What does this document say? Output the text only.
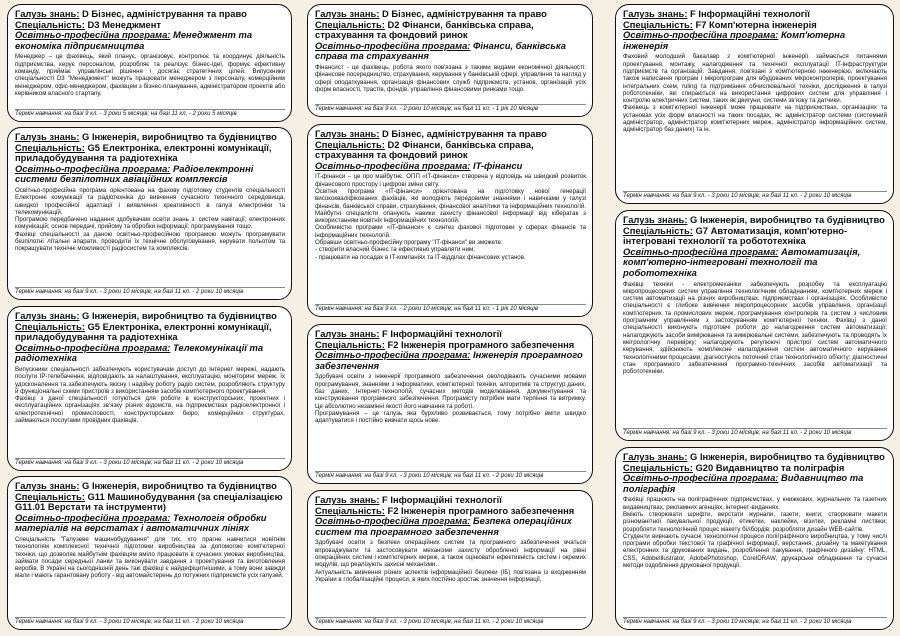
Галузь знань: D Бізнес, адміністрування та право
Спеціальність: D3 Менеджмент
Освітньо-професійна програма: Менеджмент та економіка підприємництва

Менеджер – це фахівець, який планує, організовує, контролює та координує діяльність підприємства, керує персоналом, розробляє та реалізує бізнес-ідеї, формує ефективну команду, приймає управлінські рішення і досягає стратегічних цілей. Випускники спеціальності D3 "Менеджмент" можуть працювати менеджером з персоналу, комерційним менеджером, офіс-менеджером, фахівцем з бізнес-планування, адміністратором проектів або керівником власного стартапу.

Термін навчання: на базі 9 кл. - 3 роки 5 місяців; на базі 11 кл. - 2 роки 5 місяців
Галузь знань: G Інженерія, виробництво та будівництво
Спеціальність: G5 Електроніка, електронні комунікації, приладобудування та радіотехніка
Освітньо-професійна програма: Радіоелектронні системи безпілотних авіаційних комплексів

Освітньо-професійна програма орієнтована на фахову підготовку студентів спеціальності Електронні комунікації та радіотехніка до вивчення сучасного технічного середовища, швидкої професійної адаптації і виявлення креативності в галузі електроніки та телекомунікацій.

Програмою передбачено надання здобувачам освіти знань з: систем навігації; електронних комунікацій; основ передачі, прийому та обробки інформації; програмування тощо.

Фахівці спеціальності за даною освітньо-професійною програмою можуть програмувати безпілотні літальні апарати, проводити їх технічне обслуговування, керувати польотом та покращувати технічні можливості радіосистем та комплексів.

Термін навчання: на базі 9 кл. - 3 роки 10 місяців; на базі 11 кл. - 2 роки 10 місяців
Галузь знань: G Інженерія, виробництво та будівництво
Спеціальність: G5 Електроніка, електронні комунікації, приладобудування та радіотехніка
Освітньо-професійна програма: Телекомунікації та радіотехніка

Випускники спеціальності забезпечують користувачам доступ до Інтернет мережі, надають послуги IP-телебачення, відповідають за налаштування, експлуатацію, моніторинг мереж, їх удосконалення та забезпечують якісну і надійну роботу радіо систем, розробляють структуру й функціональні схеми пристроїв з використанням засобів комп'ютерного проектування.

Фахівці з даної спеціальності готуються для роботи в конструкторських, проектних і експлуатаційних організаціях зв'язку різних відомств, на підприємствах радіоелектронної і електротехнічної промисловості, конструкторських бюро, комерційних структурах, займаються послугами провідних фахівців.

Термін навчання: на базі 9 кл. - 3 роки 10 місяців; на базі 11 кл. - 2 роки 10 місяців
Галузь знань: G Інженерія, виробництво та будівництво
Спеціальність: G11 Машинобудування (за спеціалізацією G11.01 Верстати та інструменти)
Освітньо-професійна програма: Технологія обробки матеріалів на верстатах і автоматичних лініях

Спеціальність "Галузеве машинобудування" для тих, хто прагне навчитися новітнім технологіям комплексної технічної підготовки виробництва за допомогою комп'ютерної техніки, що дозволяє майбутнім фахівцям вміло працювати в сучасних умовах виробництва, займати посади середньої ланки та виконувати завдання з проектування та виготовлення виробів. В Україні на сьогоднішній день такі фахівці є найдефіцитнішими, а тому вони завжди мали і мають гарантовану роботу - від автомайстерень до потужних підприємств усіх галузей.

Термін навчання: на базі 9 кл. - 3 роки 10 місяців; на базі 11 кл. - 2 роки 10 місяців
Галузь знань: D Бізнес, адміністрування та право
Спеціальність: D2 Фінанси, банківська справа, страхування та фондовий ринок
Освітньо-професійна програма: Фінанси, банківська справа та страхування

Фінансист - це фахівець, робота якого пов'язана з такими видами економічної діяльності: фінансове посередництво, страхування, керування у банківській сфері, управління та нагляд у сфері оподаткування, організація фінансових служб підприємств, установ, організацій усіх форм власності, трастів, фондів, управління фінансовими ринками тощо.

Термін навчання: на базі 9 кл. - 2 роки 10 місяців; на базі 11 кл. - 1 рік 10 місяців
Галузь знань: D Бізнес, адміністрування та право
Спеціальність: D2 Фінанси, банківська справа, страхування та фондовий ринок
Освітньо-професійна програма: IT-фінанси

IT-фінанси – це про майбутнє. ОПП «IT-фінанси» створена у відповідь на швидкий розвиток фінансового простору і цифрові зміни світу.

Освітня програма «IT-фінанси» орієнтована на підготовку нової генерації висококваліфікованих фахівців, які володіють передовими знаннями і навичками у галузі фінансів, банківської справи, страхування, фінансової аналітики та інформаційних технологій. Майбутні спеціалісти опанують навики захисту фінансової інформації від кібератак з використанням новітніх інформаційних технологій.

Особливістю програми «IT-фінанси» є синтез фахової підготовки у сферах фінансів та інформаційних технологій.

Обравши освітньо-професійну програму "IT-фінанси" ви зможете:

- створити власний бізнес та ефективно управляти ним;

- працювати на посадах в IT-компаніях та IT-відділах фінансових установ.

Термін навчання: на базі 9 кл. - 2 роки 10 місяців; на базі 11 кл. - 1 рік 10 місяців
Галузь знань: F Інформаційні технології
Спеціальність: F2 Інженерія програмного забезпечення
Освітньо-професійна програма: Інженерія програмного забезпечення

Здобувачі освіти з інженерії програмного забезпечення оволодівають сучасними мовами програмування, знаннями з інформатики, комп'ютерної техніки, алгоритмів та структур даних, баз даних, Інтернет-технологій, сучасних методів моделювання, документування та конструювання програмного забезпечення. Програмісту потрібен мати терпіння та витримку. Це абсолютно незамінні якості його навчання та роботі.

Програмування – це галузь яка бурхливо розвивається, тому потрібно вміти швидко адаптуватися і постійно вивчати щось нове.

Термін навчання: на базі 9 кл. - 3 роки 10 місяців; на базі 11 кл. - 2 роки 10 місяців
Галузь знань: F Інформаційні технології
Спеціальність: F2 Інженерія програмного забезпечення
Освітньо-професійна програма: Безпека операційних систем та програмного забезпечення

Здобувачі освіти з безпеки операційних систем та програмного забезпечення вчаться впроваджувати та застосовувати механізми захисту обробленої інформації на рівні операційних систем і комп'ютерних мереж, а також оцінювати ефективність систем і окремих модулів, що реалізують захисні механізми.

Актуальність вивчення різних аспектів інформаційної безпеки (ІБ) пов'язана із входженням України в глобалізаційні процеси, в яких постійно зростає значення інформації.

Термін навчання: на базі 9 кл. - 3 роки 10 місяців; на базі 11 кл. - 2 роки 10 місяців
Галузь знань: F Інформаційні технології
Спеціальність: F7 Комп'ютерна інженерія
Освітньо-професійна програма: Комп'ютерна інженерія

Фаховий молодший бакалавр з комп'ютерної інженерії займається питаннями проектування, монтажу, налагодження та технічної експлуатації IT-інфраструктури підприємств та організацій. Завдання, пов'язані з комп'ютерною інженерією, включають також написання програм і мікропрограм для вбудованих мікроконтролерів, проектування інтегральних схем, ruling та підтримання обчислювальної техніки, дослідження в галузі робототехніки, які спираються на використання цифрових систем для управління і контролю електричних систем, таких як двигуни, системи зв'язку та датчики.

Фахівець з комп'ютерної інженерії може працювати на підприємствах, організаціях та установах усіх форм власності на таких посадах, як: адміністратор системи (системний адміністратор, адміністратор комп'ютерних мереж, адміністратор інформаційних систем, адміністратор баз даних) та ін.

Термін навчання: на базі 9 кл. - 3 роки 10 місяців; на базі 11 кл. - 2 роки 10 місяців
Галузь знань: G Інженерія, виробництво та будівництво
Спеціальність: G7 Автоматизація, комп'ютерно-інтегровані технології та робототехніка
Освітньо-професійна програма: Автоматизація, комп'ютерно-інтегровані технології та робототехніка

Фахівці техніки - електромеханіки забезпечують розробку та експлуатацію мікропроцесорних систем управління технологічним обладнанням, комп'ютерних мереж і систем автоматизації на різних виробництвах, підприємствах і організаціях. Особливістю спеціальності є глибоке вивчення мікропроцесорних засобів управління, організації комп'ютерних та промислових мереж, програмування контролерів та систем з числовим програмним управлінням з застосуванням комп'ютерної техніки. Фахівці з даної спеціальності виконують підготовчі роботи до налагодження систем автоматизації; налагоджують засоби вимірювання та вимірювальні системи, забезпечують та проводять їх метрологічну перевірку; налагоджують регулюючі пристрої систем автоматичного керування; здійснюють комплексне налагодження систем автоматичного керування технологічними процесами; діагностують поточний стан технологічного об'єкту; діагностичні стан програмного забезпечення програмно-технічних засобів автоматизації та робототехніки.

Термін навчання: на базі 9 кл. - 3 роки 10 місяців; на базі 11 кл. - 2 роки 10 місяців
Галузь знань: G Інженерія, виробництво та будівництво
Спеціальність: G20 Видавництво та поліграфія
Освітньо-професійна програма: Видавництво та поліграфія

Фахівці працюють на поліграфічних підприємствах, у книжкових, журнальних та газетних видавництвах, рекламних агенціях, інтернет-виданнях.

Вміють створювати шрифти, верстати журнали, газети, книги; створювати макети різноманітної пакувальної продукції, етикетки, наклейки, візитки, рекламні листівки; розробляти технологічний процес макету білбордів; розробляти дизайн WEB-сайтів.

Студенти вивчають сучасні технологічні процеси поліграфічного виробництва, у тому числі програми обробки текстової та графічної інформації, верстання, дизайну та макетування електронних та друкованих видань, розроблення пакування, графічного дизайну: HTML, CSS, AdobeIllustrator, AdobePhotoshop, CorelDRAW, друкарське обладнання та сучасні методи оздоблення друкованої продукції.

Термін навчання: на базі 9 кл. - 3 роки 10 місяців; на базі 11 кл. - 2 роки 10 місяців
